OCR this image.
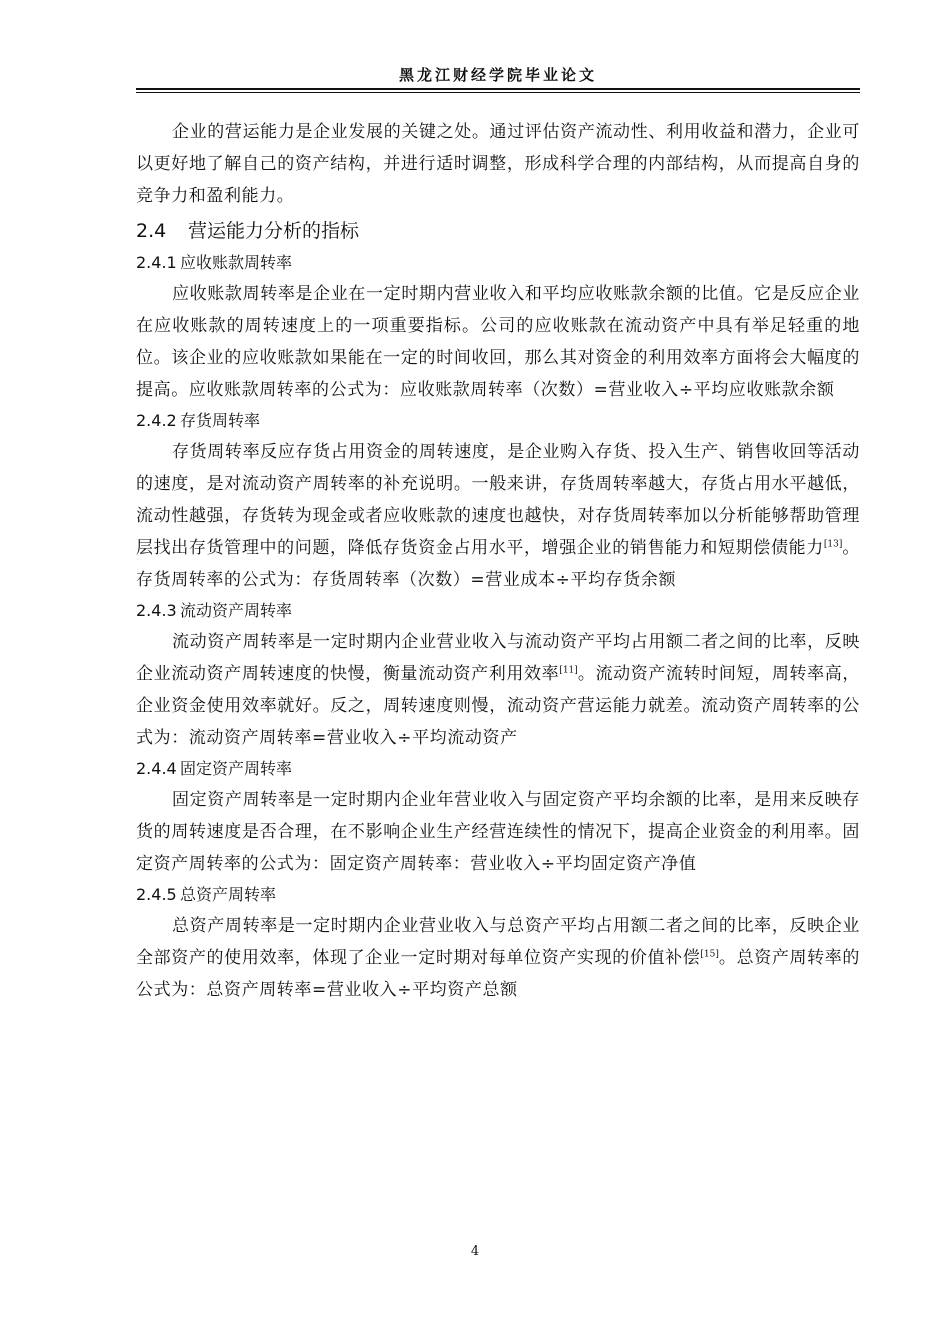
黑龙江财经学院毕业论文

企业的营运能力是企业发展的关键之处。通过评估资产流动性、利用收益和潜力，企业可以更好地了解自己的资产结构，并进行适时调整，形成科学合理的内部结构，从而提高自身的竞争力和盈利能力。

2.4 营运能力分析的指标
2.4.1 应收账款周转率

应收账款周转率是企业在一定时期内营业收入和平均应收账款余额的比值。它是反应企业在应收账款的周转速度上的一项重要指标。公司的应收账款在流动资产中具有举足轻重的地位。该企业的应收账款如果能在一定的时间收回，那么其对资金的利用效率方面将会大幅度的提高。应收账款周转率的公式为：应收账款周转率（次数）=营业收入÷平均应收账款余额

2.4.2 存货周转率

存货周转率反应存货占用资金的周转速度，是企业购入存货、投入生产、销售收回等活动的速度，是对流动资产周转率的补充说明。一般来讲，存货周转率越大，存货占用水平越低，流动性越强，存货转为现金或者应收账款的速度也越快，对存货周转率加以分析能够帮助管理层找出存货管理中的问题，降低存货资金占用水平，增强企业的销售能力和短期偿债能力[13]。存货周转率的公式为：存货周转率（次数）=营业成本÷平均存货余额

2.4.3 流动资产周转率

流动资产周转率是一定时期内企业营业收入与流动资产平均占用额二者之间的比率，反映企业流动资产周转速度的快慢，衡量流动资产利用效率[11]。流动资产流转时间短，周转率高，企业资金使用效率就好。反之，周转速度则慢，流动资产营运能力就差。流动资产周转率的公式为：流动资产周转率=营业收入÷平均流动资产

2.4.4 固定资产周转率

固定资产周转率是一定时期内企业年营业收入与固定资产平均余额的比率，是用来反映存货的周转速度是否合理，在不影响企业生产经营连续性的情况下，提高企业资金的利用率。固定资产周转率的公式为：固定资产周转率：营业收入÷平均固定资产净值

2.4.5 总资产周转率

总资产周转率是一定时期内企业营业收入与总资产平均占用额二者之间的比率，反映企业全部资产的使用效率，体现了企业一定时期对每单位资产实现的价值补偿[15]。总资产周转率的公式为：总资产周转率=营业收入÷平均资产总额

4
